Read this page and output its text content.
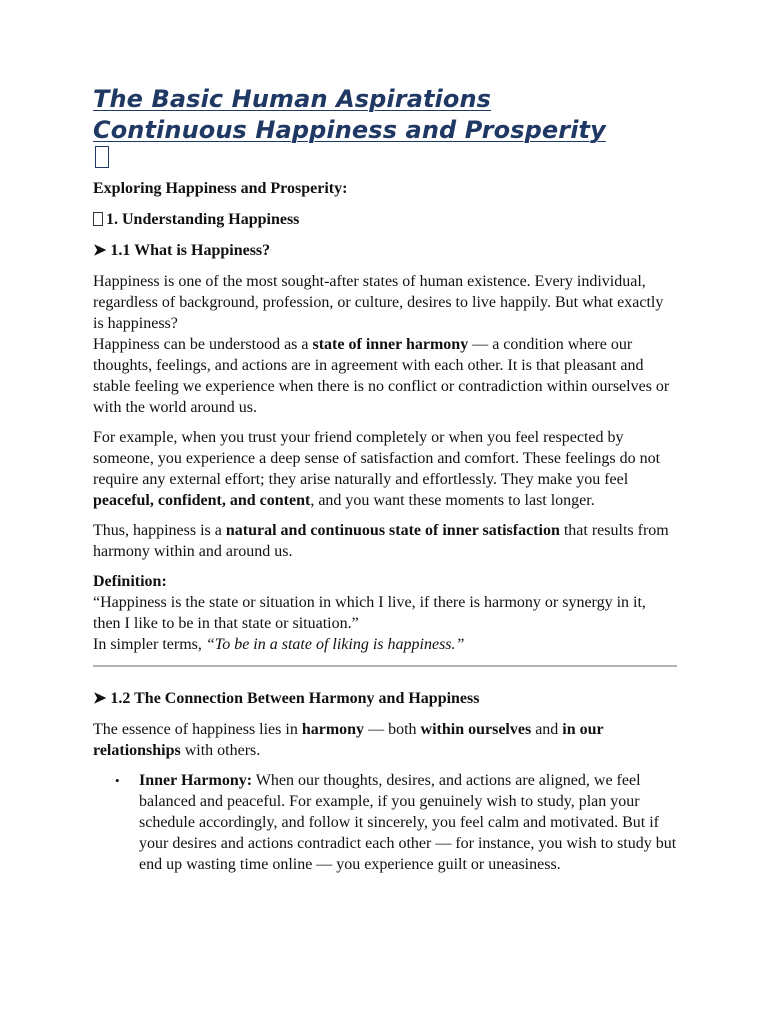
The Basic Human Aspirations
Continuous Happiness and Prosperity
Exploring Happiness and Prosperity:
1. Understanding Happiness
➤ 1.1 What is Happiness?

Happiness is one of the most sought-after states of human existence. Every individual, regardless of background, profession, or culture, desires to live happily. But what exactly is happiness?
Happiness can be understood as a state of inner harmony — a condition where our thoughts, feelings, and actions are in agreement with each other. It is that pleasant and stable feeling we experience when there is no conflict or contradiction within ourselves or with the world around us.

For example, when you trust your friend completely or when you feel respected by someone, you experience a deep sense of satisfaction and comfort. These feelings do not require any external effort; they arise naturally and effortlessly. They make you feel peaceful, confident, and content, and you want these moments to last longer.

Thus, happiness is a natural and continuous state of inner satisfaction that results from harmony within and around us.

Definition:
“Happiness is the state or situation in which I live, if there is harmony or synergy in it, then I like to be in that state or situation.”
In simpler terms, “To be in a state of liking is happiness.”

➤ 1.2 The Connection Between Harmony and Happiness

The essence of happiness lies in harmony — both within ourselves and in our relationships with others.

• Inner Harmony: When our thoughts, desires, and actions are aligned, we feel balanced and peaceful. For example, if you genuinely wish to study, plan your schedule accordingly, and follow it sincerely, you feel calm and motivated. But if your desires and actions contradict each other — for instance, you wish to study but end up wasting time online — you experience guilt or uneasiness.
